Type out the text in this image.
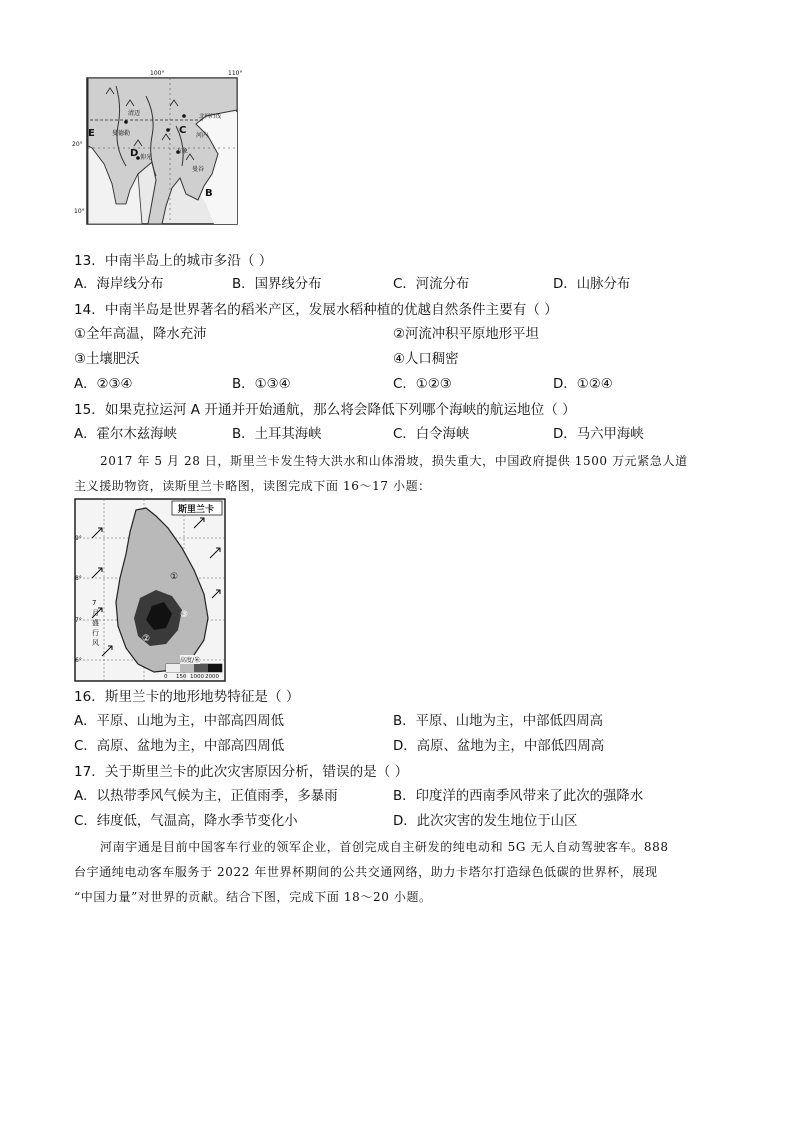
100°	110°
20°
10°
E
D
C
B
清迈	北回归线
曼德勒
仰光
河内
万象
曼谷
13．中南半岛上的城市多沿（ ）
A．海岸线分布	B．国界线分布	C．河流分布	D．山脉分布
14．中南半岛是世界著名的稻米产区，发展水稻种植的优越自然条件主要有（ ）
①全年高温，降水充沛	②河流冲积平原地形平坦
③土壤肥沃	④人口稠密
A．②③④	B．①③④	C．①②③	D．①②④
15．如果克拉运河 A 开通并开始通航，那么将会降低下列哪个海峡的航运地位（ ）
A．霍尔木兹海峡	B．土耳其海峡	C．白令海峡	D．马六甲海峡
2017 年 5 月 28 日，斯里兰卡发生特大洪水和山体滑坡，损失重大，中国政府提供 1500 万元紧急人道
主义援助物资，读斯里兰卡略图，读图完成下面 16～17 小题：
斯里兰卡
9°
8°
7°
6°
7
月
盛
行
风
高度/米
0 150 1000 2000
①
②
③
16．斯里兰卡的地形地势特征是（ ）
A．平原、山地为主，中部高四周低	B．平原、山地为主，中部低四周高
C．高原、盆地为主，中部高四周低	D．高原、盆地为主，中部低四周高
17．关于斯里兰卡的此次灾害原因分析，错误的是（ ）
A．以热带季风气候为主，正值雨季，多暴雨	B．印度洋的西南季风带来了此次的强降水
C．纬度低，气温高，降水季节变化小	D．此次灾害的发生地位于山区
河南宇通是目前中国客车行业的领军企业，首创完成自主研发的纯电动和 5G 无人自动驾驶客车。888
台宇通纯电动客车服务于 2022 年世界杯期间的公共交通网络，助力卡塔尔打造绿色低碳的世界杯，展现
“中国力量”对世界的贡献。结合下图，完成下面 18～20 小题。
